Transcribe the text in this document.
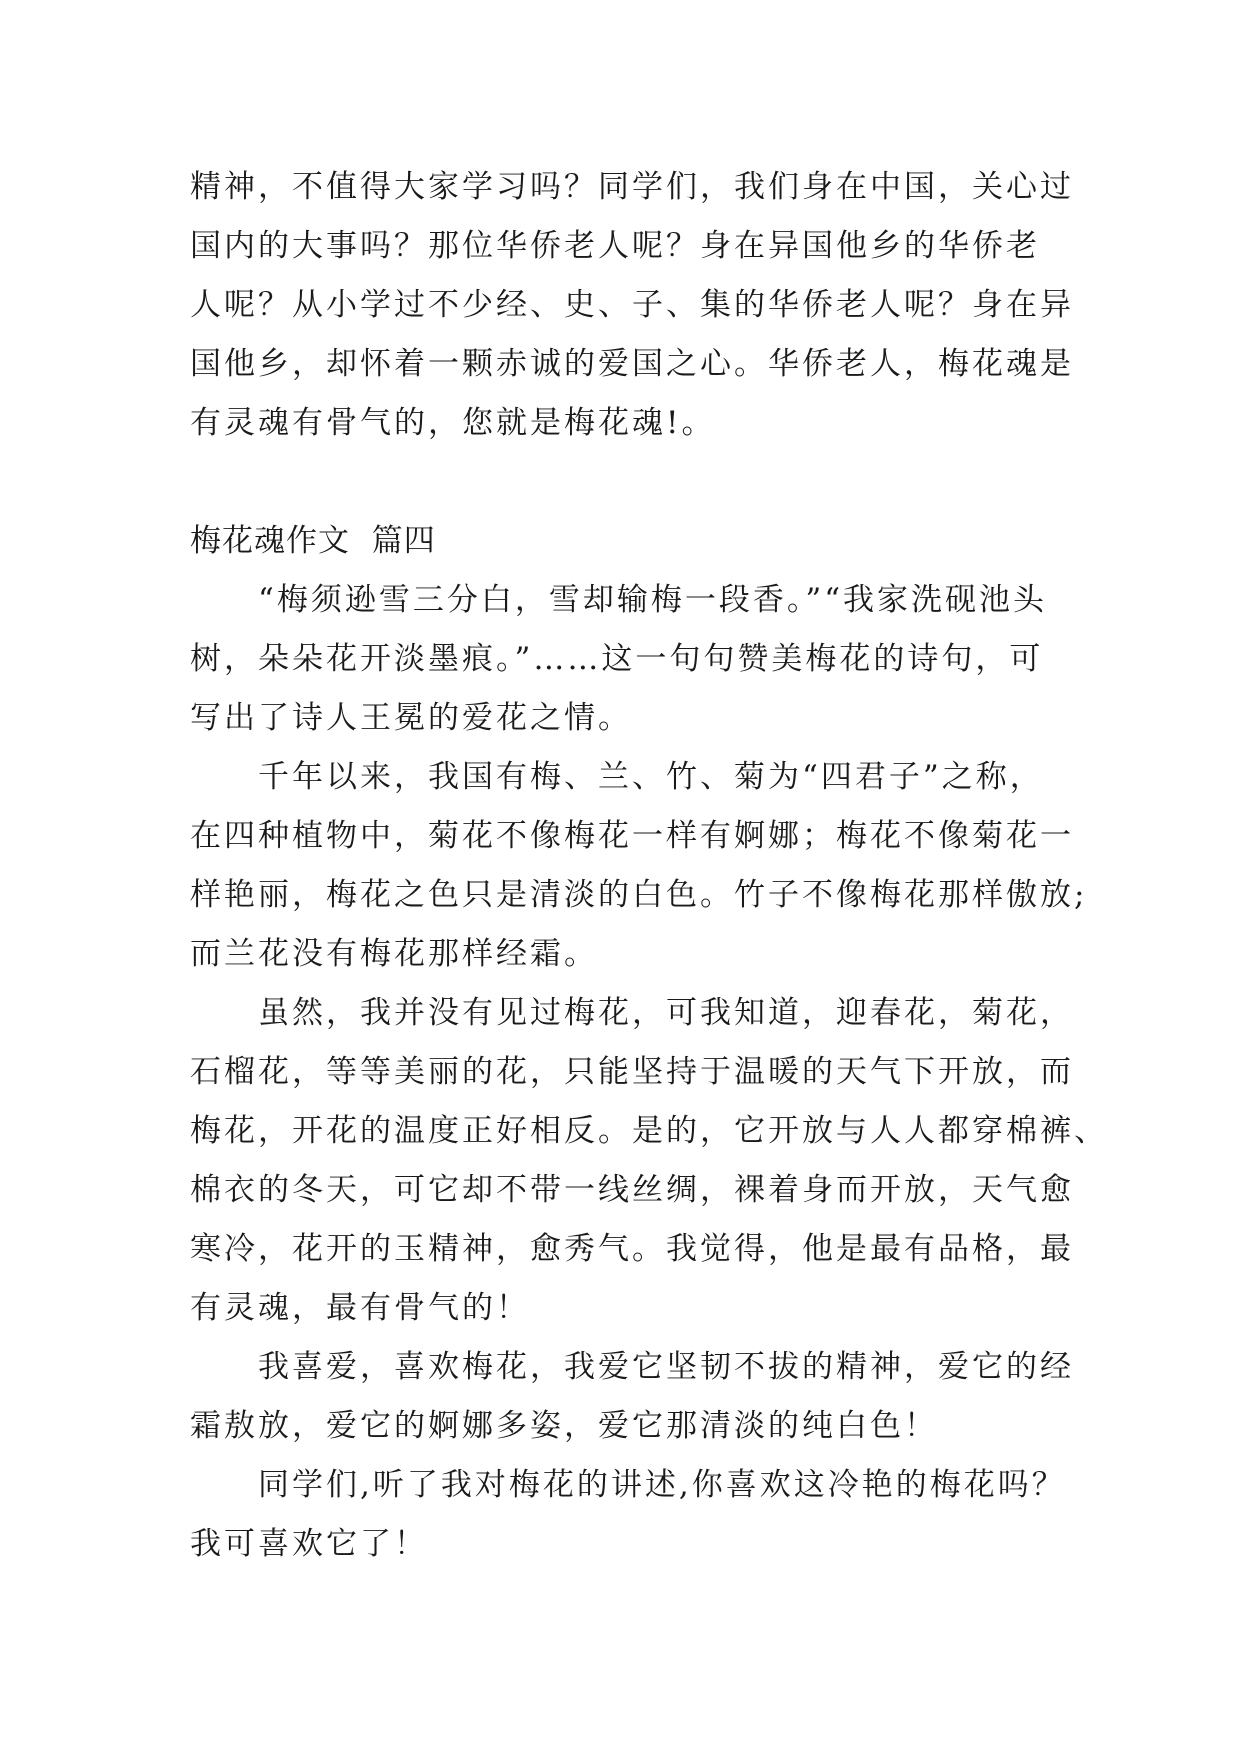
精神，不值得大家学习吗？同学们，我们身在中国，关心过
国内的大事吗？那位华侨老人呢？身在异国他乡的华侨老
人呢？从小学过不少经、史、子、集的华侨老人呢？身在异
国他乡，却怀着一颗赤诚的爱国之心。华侨老人，梅花魂是
有灵魂有骨气的，您就是梅花魂!。
梅花魂作文  篇四
“梅须逊雪三分白，雪却输梅一段香。”“我家洗砚池头
树，朵朵花开淡墨痕。”……这一句句赞美梅花的诗句，可
写出了诗人王冕的爱花之情。
千年以来，我国有梅、兰、竹、菊为“四君子”之称，
在四种植物中，菊花不像梅花一样有婀娜；梅花不像菊花一
样艳丽，梅花之色只是清淡的白色。竹子不像梅花那样傲放;
而兰花没有梅花那样经霜。
虽然，我并没有见过梅花，可我知道，迎春花，菊花，
石榴花，等等美丽的花，只能坚持于温暖的天气下开放，而
梅花，开花的温度正好相反。是的，它开放与人人都穿棉裤、
棉衣的冬天，可它却不带一线丝绸，裸着身而开放，天气愈
寒冷，花开的玉精神，愈秀气。我觉得，他是最有品格，最
有灵魂，最有骨气的！
我喜爱，喜欢梅花，我爱它坚韧不拔的精神，爱它的经
霜敖放，爱它的婀娜多姿，爱它那清淡的纯白色！
同学们,听了我对梅花的讲述,你喜欢这冷艳的梅花吗？
我可喜欢它了！
